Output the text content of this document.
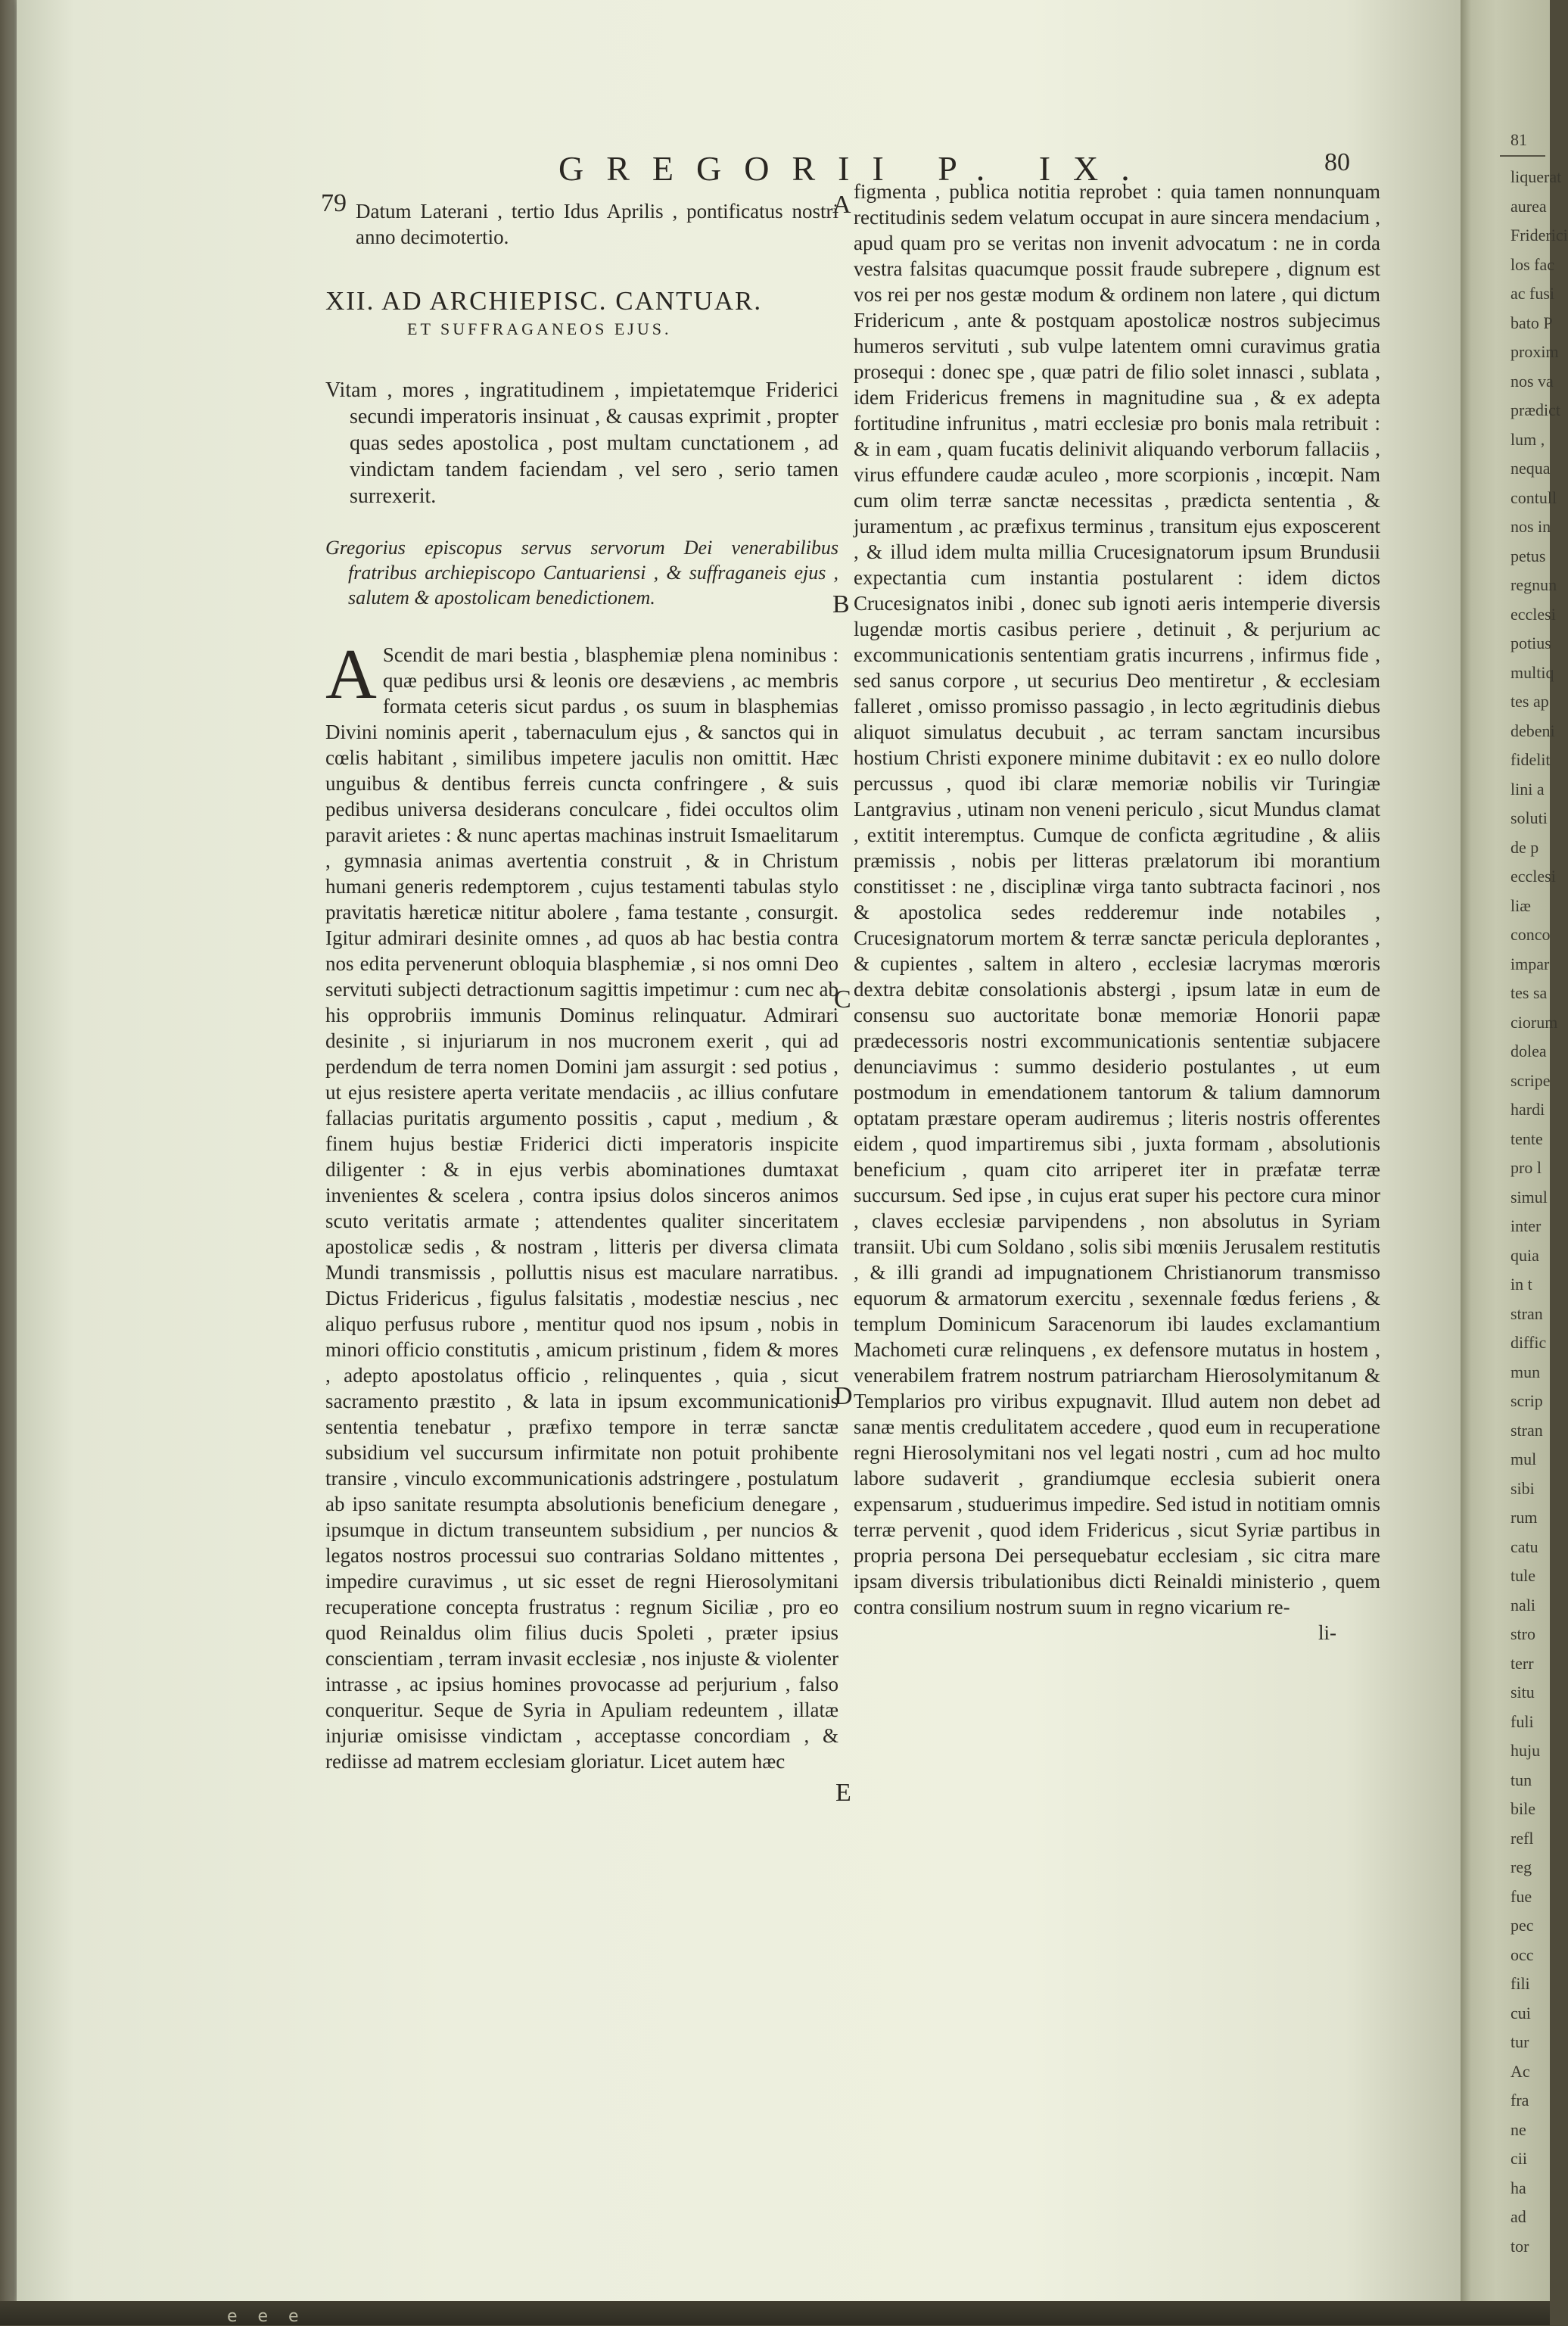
79
GREGORII P. IX.	80

Datum Laterani , tertio Idus Aprilis , pontificatus nostri anno decimotertio.

XII. AD ARCHIEPISC. CANTUAR.

ET SUFFRAGANEOS EJUS.

Vitam , mores , ingratitudinem , impietatemque Friderici secundi imperatoris insinuat , & causas exprimit , propter quas sedes apostolica , post multam cunctationem , ad vindictam tandem faciendam , vel sero , serio tamen surrexerit.

Gregorius episcopus servus servorum Dei venerabilibus fratribus archiepiscopo Cantuariensi , & suffraganeis ejus , salutem & apostolicam benedictionem.

A Scendit de mari bestia , blasphemiæ plena nominibus : quæ pedibus ursi & leonis ore desæviens , ac membris formata ceteris sicut pardus , os suum in blasphemias Divini nominis aperit , tabernaculum ejus , & sanctos qui in cœlis habitant , similibus impetere jaculis non omittit. Hæc unguibus & dentibus ferreis cuncta confringere , & suis pedibus universa desiderans conculcare , fidei occultos olim paravit arietes : & nunc apertas machinas instruit Ismaelitarum , gymnasia animas avertentia construit , & in Christum humani generis redemptorem , cujus testamenti tabulas stylo pravitatis hæreticæ nititur abolere , fama testante , consurgit. Igitur admirari desinite omnes , ad quos ab hac bestia contra nos edita pervenerunt obloquia blasphemiæ , si nos omni Deo servituti subjecti detractionum sagittis impetimur : cum nec ab his opprobriis immunis Dominus relinquatur. Admirari desinite , si injuriarum in nos mucronem exerit , qui ad perdendum de terra nomen Domini jam assurgit : sed potius , ut ejus resistere aperta veritate mendaciis , ac illius confutare fallacias puritatis argumento possitis , caput , medium , & finem hujus bestiæ Friderici dicti imperatoris inspicite diligenter : & in ejus verbis abominationes dumtaxat invenientes & scelera , contra ipsius dolos sinceros animos scuto veritatis armate ; attendentes qualiter sinceritatem apostolicæ sedis , & nostram , litteris per diversa climata Mundi transmissis , polluttis nisus est maculare narratibus. Dictus Fridericus , figulus falsitatis , modestiæ nescius , nec aliquo perfusus rubore , mentitur quod nos ipsum , nobis in minori officio constitutis , amicum pristinum , fidem & mores , adepto apostolatus officio , relinquentes , quia , sicut sacramento præstito , & lata in ipsum excommunicationis sententia tenebatur , præfixo tempore in terræ sanctæ subsidium vel succursum infirmitate non potuit prohibente transire , vinculo excommunicationis adstringere , postulatum ab ipso sanitate resumpta absolutionis beneficium denegare , ipsumque in dictum transeuntem subsidium , per nuncios & legatos nostros processui suo contrarias Soldano mittentes , impedire curavimus , ut sic esset de regni Hierosolymitani recuperatione concepta frustratus : regnum Siciliæ , pro eo quod Reinaldus olim filius ducis Spoleti , præter ipsius conscientiam , terram invasit ecclesiæ , nos injuste & violenter intrasse , ac ipsius homines provocasse ad perjurium , falso conqueritur. Seque de Syria in Apuliam redeuntem , illatæ injuriæ omisisse vindictam , acceptasse concordiam , & rediisse ad matrem ecclesiam gloriatur. Licet autem hæc

A
B
C
D
E

figmenta , publica notitia reprobet : quia tamen nonnunquam rectitudinis sedem velatum occupat in aure sincera mendacium , apud quam pro se veritas non invenit advocatum : ne in corda vestra falsitas quacumque possit fraude subrepere , dignum est vos rei per nos gestæ modum & ordinem non latere , qui dictum Fridericum , ante & postquam apostolicæ nostros subjecimus humeros servituti , sub vulpe latentem omni curavimus gratia prosequi : donec spe , quæ patri de filio solet innasci , sublata , idem Fridericus fremens in magnitudine sua , & ex adepta fortitudine infrunitus , matri ecclesiæ pro bonis mala retribuit : & in eam , quam fucatis delinivit aliquando verborum fallaciis , virus effundere caudæ aculeo , more scorpionis , incœpit. Nam cum olim terræ sanctæ necessitas , prædicta sententia , & juramentum , ac præfixus terminus , transitum ejus exposcerent , & illud idem multa millia Crucesignatorum ipsum Brundusii expectantia cum instantia postularent : idem dictos Crucesignatos inibi , donec sub ignoti aeris intemperie diversis lugendæ mortis casibus periere , detinuit , & perjurium ac excommunicationis sententiam gratis incurrens , infirmus fide , sed sanus corpore , ut securius Deo mentiretur , & ecclesiam falleret , omisso promisso passagio , in lecto ægritudinis diebus aliquot simulatus decubuit , ac terram sanctam incursibus hostium Christi exponere minime dubitavit : ex eo nullo dolore percussus , quod ibi claræ memoriæ nobilis vir Turingiæ Lantgravius , utinam non veneni periculo , sicut Mundus clamat , extitit interemptus. Cumque de conficta ægritudine , & aliis præmissis , nobis per litteras prælatorum ibi morantium constitisset : ne , disciplinæ virga tanto subtracta facinori , nos & apostolica sedes redderemur inde notabiles , Crucesignatorum mortem & terræ sanctæ pericula deplorantes , & cupientes , saltem in altero , ecclesiæ lacrymas mœroris dextra debitæ consolationis abstergi , ipsum latæ in eum de consensu suo auctoritate bonæ memoriæ Honorii papæ prædecessoris nostri excommunicationis sententiæ subjacere denunciavimus : summo desiderio postulantes , ut eum postmodum in emendationem tantorum & talium damnorum optatam præstare operam audiremus ; literis nostris offerentes eidem , quod impartiremus sibi , juxta formam , absolutionis beneficium , quam cito arriperet iter in præfatæ terræ succursum. Sed ipse , in cujus erat super his pectore cura minor , claves ecclesiæ parvipendens , non absolutus in Syriam transiit. Ubi cum Soldano , solis sibi mœniis Jerusalem restitutis , & illi grandi ad impugnationem Christianorum transmisso equorum & armatorum exercitu , sexennale fœdus feriens , & templum Dominicum Saracenorum ibi laudes exclamantium Machometi curæ relinquens , ex defensore mutatus in hostem , venerabilem fratrem nostrum patriarcham Hierosolymitanum & Templarios pro viribus expugnavit. Illud autem non debet ad sanæ mentis credulitatem accedere , quod eum in recuperatione regni Hierosolymitani nos vel legati nostri , cum ad hoc multo labore sudaverit , grandiumque ecclesia subierit onera expensarum , studuerimus impedire. Sed istud in notitiam omnis terræ pervenit , quod idem Fridericus , sicut Syriæ partibus in propria persona Dei persequebatur ecclesiam , sic citra mare ipsam diversis tribulationibus dicti Reinaldi ministerio , quem contra consilium nostrum suum in regno vicarium re-

li-

81
liquerat
aurea
Friderici
los fac
ac fusi
bato P
proxim
nos va
prædict
lum ,
nequa
contull
nos in
petus
regnun
ecclesi
potius
multiq
tes ap
debeni
fidelit
lini a
soluti
de p
ecclesi
liæ
conco
impar
tes sa
ciorum
dolea
scripe
hardi
tente
pro l
simul
inter
quia
in t
stran
diffic
mun
scrip
stran
mul
sibi
rum
catu
tule
nali
stro
terr
situ
fuli
huju
tun
bile
refl
reg
fue
pec
occ
fili
cui
tur
Ac
fra
ne
cii
ha
ad
tor
e e e
